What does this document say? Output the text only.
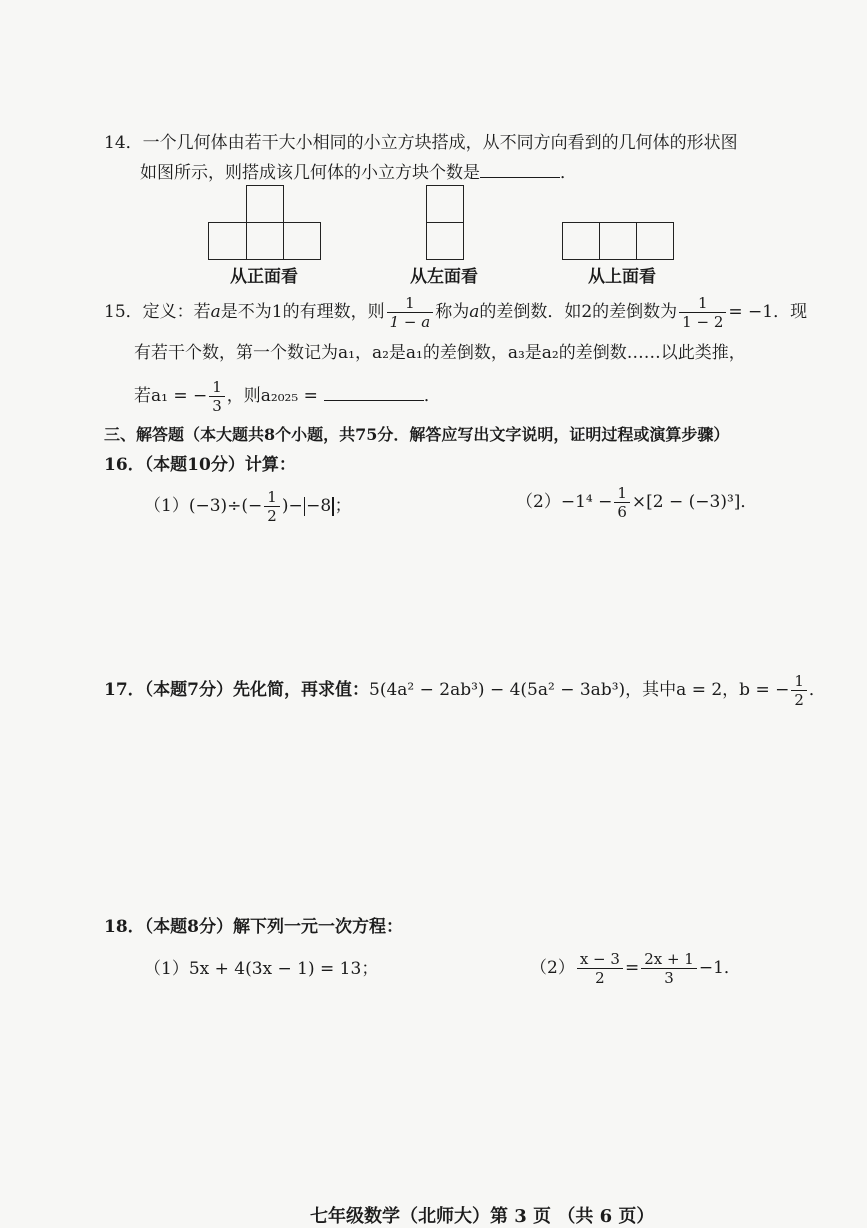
14．一个几何体由若干大小相同的小立方块搭成，从不同方向看到的几何体的形状图
如图所示，则搭成该几何体的小立方块个数是	．
从正面看	从左面看	从上面看
15．定义：若a是不为1的有理数，则 $\frac{1}{1 - a}$ 称为a的差倒数．如2的差倒数为 $\frac{1}{1 - 2} = -1$．现
有若干个数，第一个数记为a₁，a₂是a₁的差倒数，a₃是a₂的差倒数……以此类推，
若a₁ = − $\frac{1}{3}$ ，则a₂₀₂₅ =	．
三、解答题（本大题共8个小题，共75分．解答应写出文字说明，证明过程或演算步骤）
16．（本题10分）计算：
$(1)(-3)\div(- \frac{1}{2}$ )− −8 ；	$(2)-1^4 - \frac{1}{6} \times[2 - (-3)^3]$．
17．（本题7分）先化简，再求值：5(4a² − 2ab³) − 4(5a² − 3ab³)，其中a = 2，b = − $\frac{1}{2}$ ．
18．（本题8分）解下列一元一次方程：
（1）5x + 4(3x − 1) = 13；	$(2) \frac{x - 3}{2} = \frac{2x + 1}{3} -1$．
七年级数学（北师大）第 3 页 （共 6 页）
